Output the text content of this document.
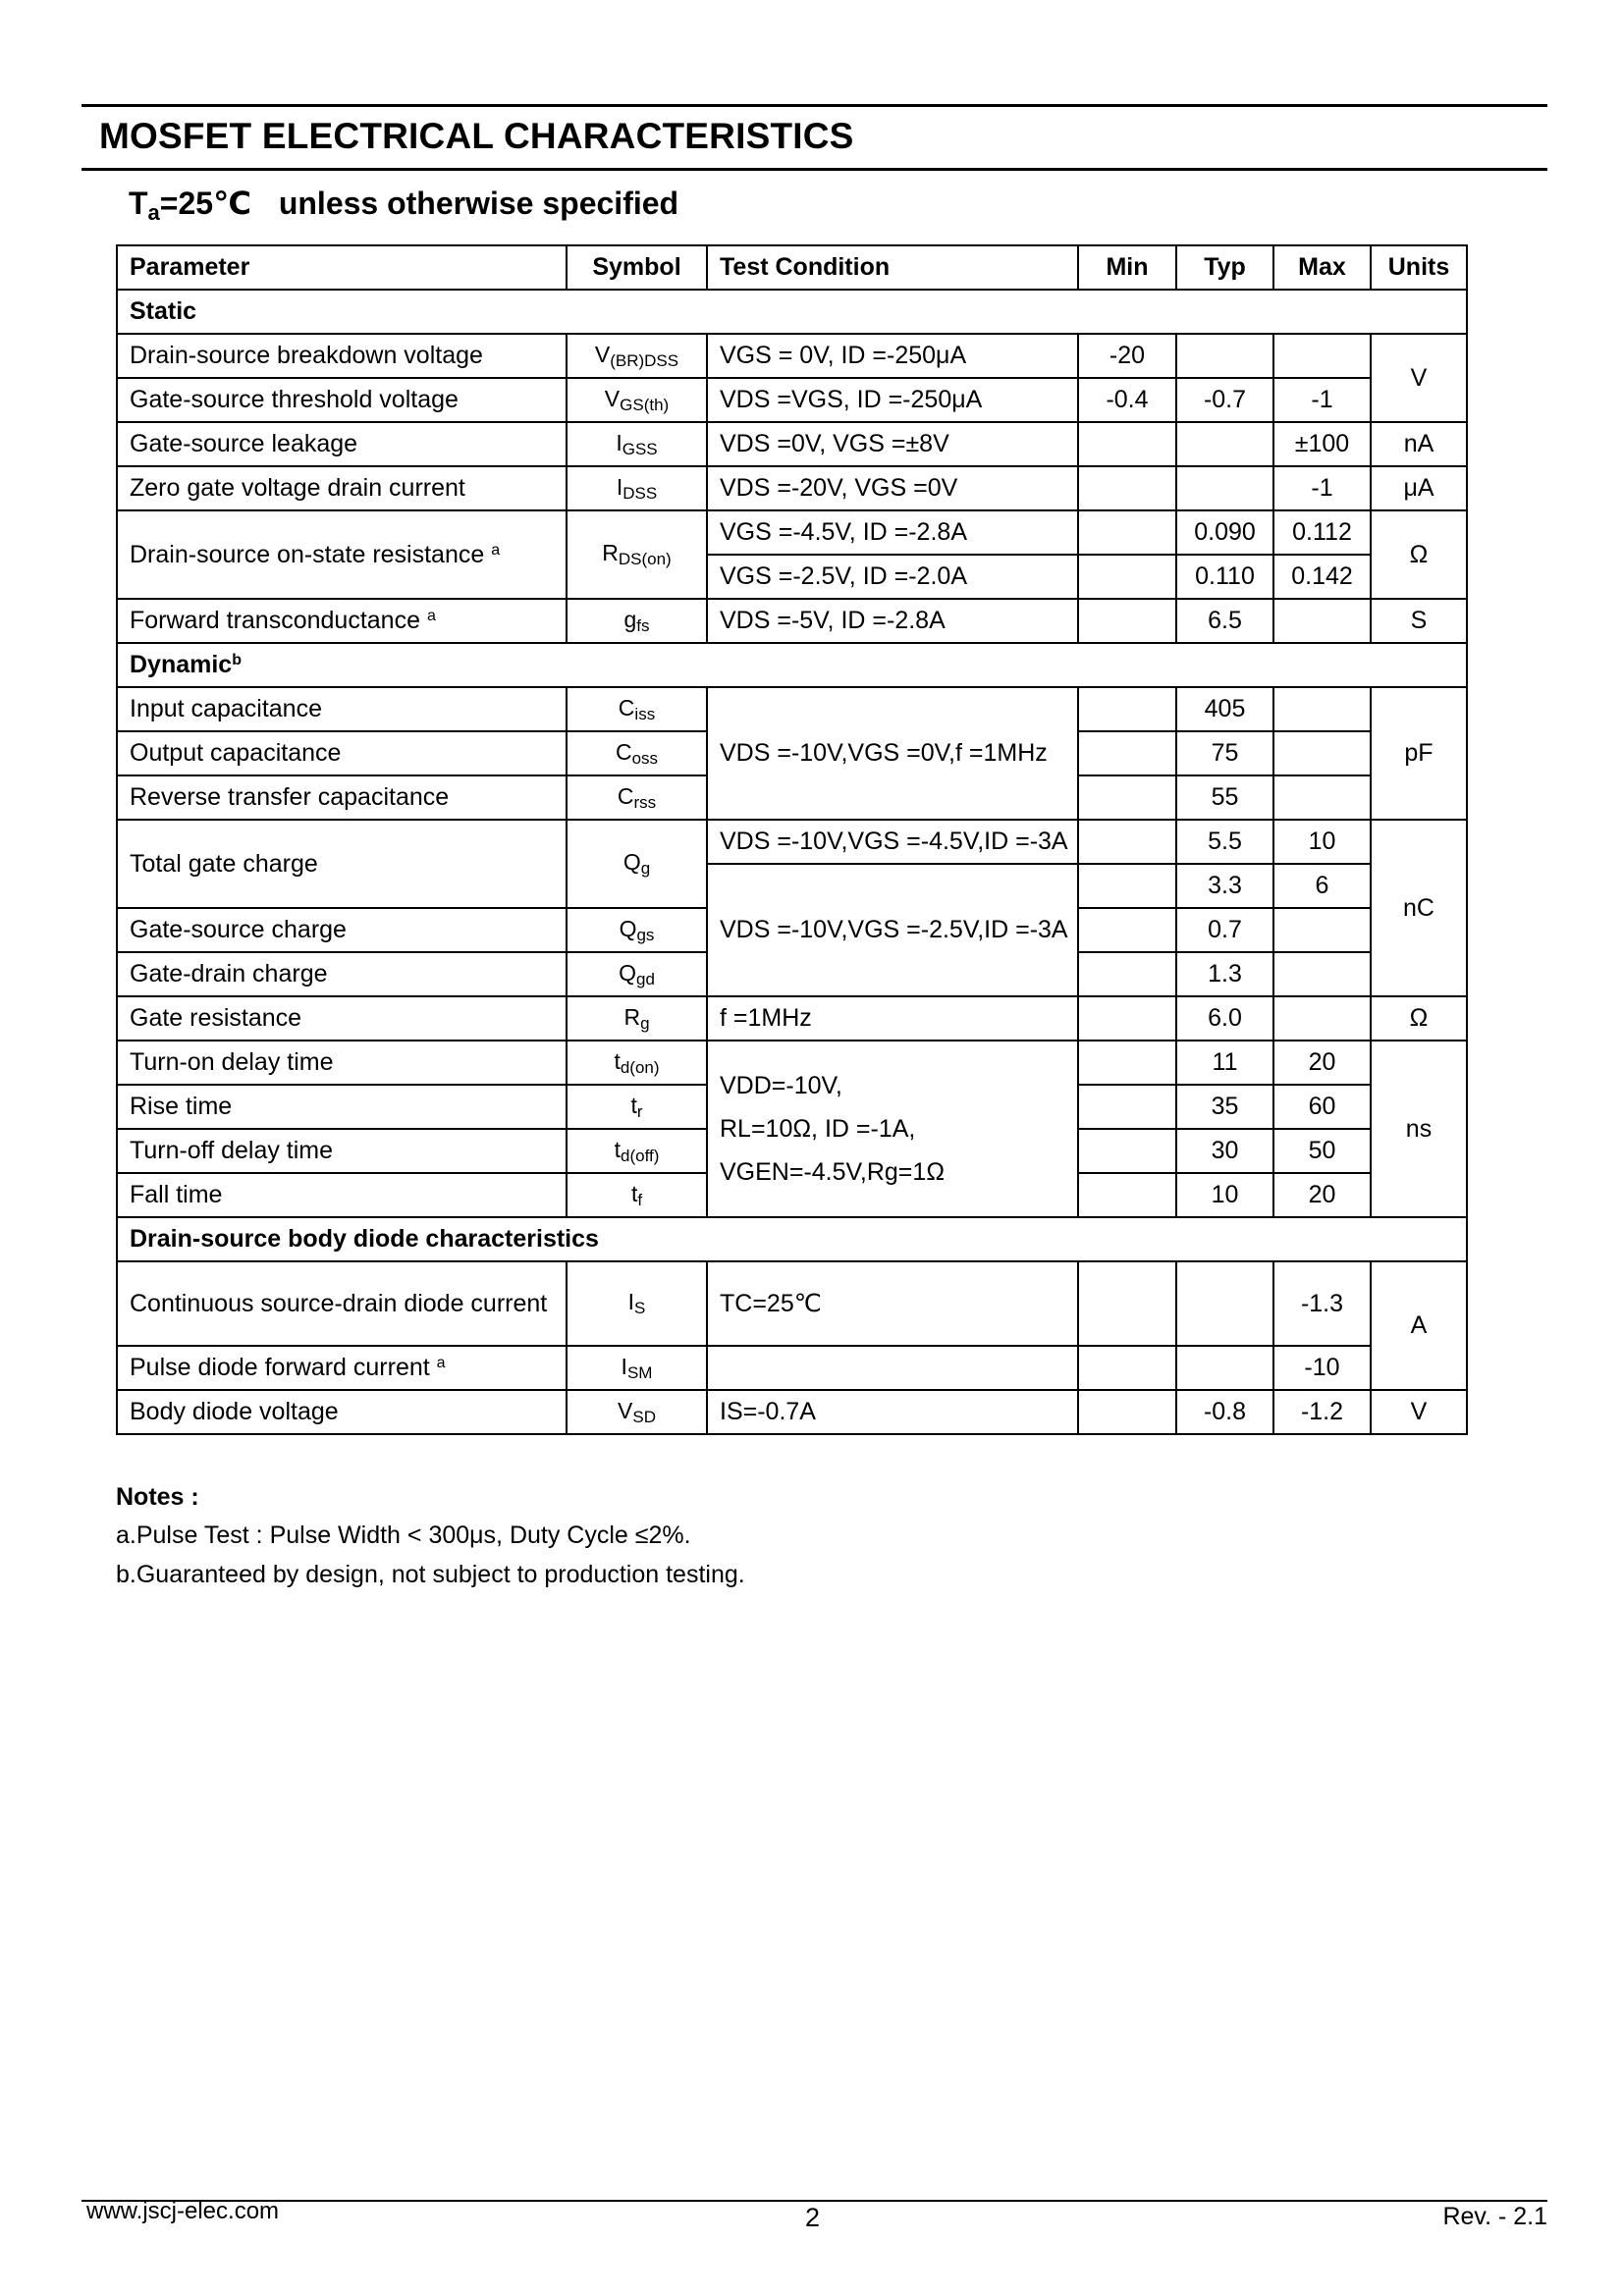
MOSFET ELECTRICAL CHARACTERISTICS
$T_a=25℃$ unless otherwise specified
Parameter	Symbol	Test Condition	Min	Typ	Max	Units
Static						
Drain-source breakdown voltage	$V_{(BR)DSS}$	VGS = 0V, ID =-250μA	-20			V
Gate-source threshold voltage	$V_{GS(th)}$	VDS =VGS, ID =-250μA	-0.4	-0.7	-1	
Gate-source leakage	$I_{GSS}$	VDS =0V, VGS =±8V			±100	nA
Zero gate voltage drain current	$I_{DSS}$	VDS =-20V, VGS =0V			-1	μA
Drain-source on-state resistance $^a$	$R_{DS(on)}$	VGS =-4.5V, ID =-2.8A		0.090	0.112	Ω
		VGS =-2.5V, ID =-2.0A		0.110	0.142	
Forward transconductance $^a$	$g_{fs}$	VDS =-5V, ID =-2.8A		6.5		S
Dynamic$^b$
Input capacitance	$C_{iss}$	VDS =-10V,VGS =0V,f =1MHz		405		pF
Output capacitance	$C_{oss}$			75		
Reverse transfer capacitance	$C_{rss}$			55		
Total gate charge	$Q_g$	VDS =-10V,VGS =-4.5V,ID =-3A		5.5	10	nC
		VDS =-10V,VGS =-2.5V,ID =-3A		3.3	6	
Gate-source charge	$Q_{gs}$			0.7		
Gate-drain charge	$Q_{gd}$			1.3		
Gate resistance	$R_g$	f =1MHz		6.0		Ω
Turn-on delay time	$t_{d(on)}$	VDD=-10V,
RL=10Ω, ID =-1A,
VGEN=-4.5V,Rg=1Ω		11	20	ns
Rise time	$t_r$			35	60	
Turn-off delay time	$t_{d(off)}$			30	50	
Fall time	$t_f$			10	20	
Drain-source body diode characteristics						
Continuous source-drain diode current	$I_S$	TC=25℃			-1.3	A
Pulse diode forward current $^a$	$I_{SM}$				-10	
Body diode voltage	$V_{SD}$	IS=-0.7A		-0.8	-1.2	V
Notes :
a.Pulse Test : Pulse Width < 300μs, Duty Cycle ≤2%.
b.Guaranteed by design, not subject to production testing.
www.jscj-elec.com	2	Rev. - 2.1
